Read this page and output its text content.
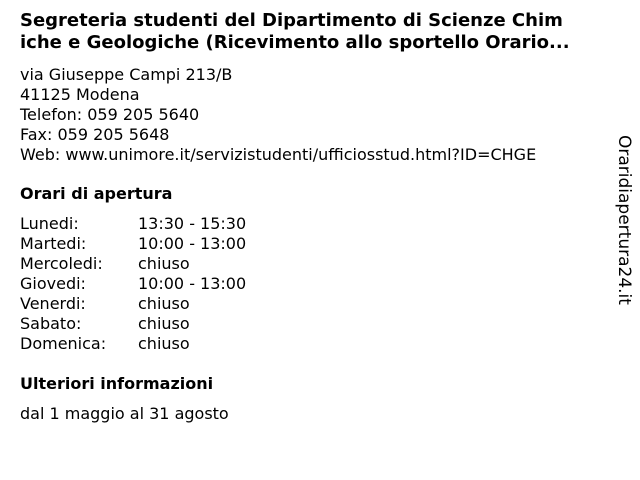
Segreteria studenti del Dipartimento di Scienze Chim
iche e Geologiche (Ricevimento allo sportello Orario...
via Giuseppe Campi 213/B
41125 Modena
Telefon: 059 205 5640
Fax: 059 205 5648
Web: www.unimore.it/servizistudenti/ufficiosstud.html?ID=CHGE
Orari di apertura
Lunedi:	13:30 - 15:30
Martedi:	10:00 - 13:00
Mercoledi:	chiuso
Giovedi:	10:00 - 13:00
Venerdi:	chiuso
Sabato:	chiuso
Domenica:	chiuso
Ulteriori informazioni
dal 1 maggio al 31 agosto
Oraridiapertura24.it
